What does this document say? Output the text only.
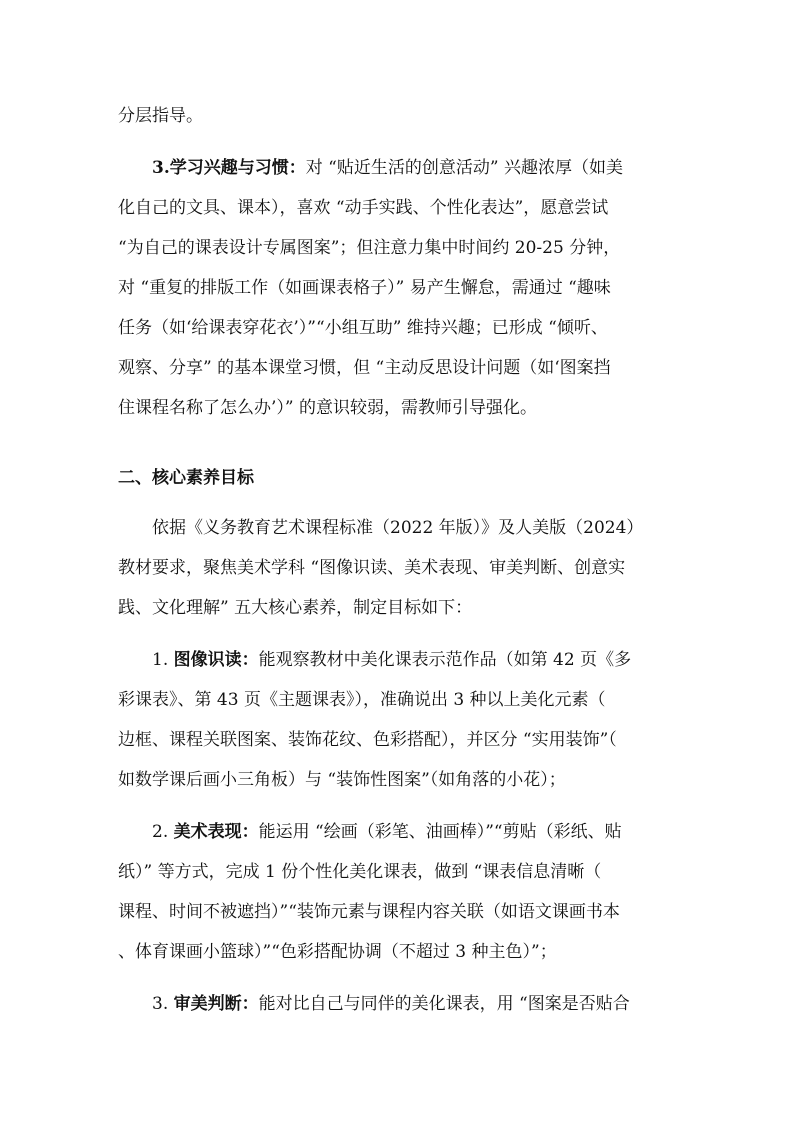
分层指导。
3.学习兴趣与习惯：对 “贴近生活的创意活动” 兴趣浓厚（如美
化自己的文具、课本），喜欢 “动手实践、个性化表达”，愿意尝试
“为自己的课表设计专属图案”；但注意力集中时间约 20-25 分钟，
对 “重复的排版工作（如画课表格子）” 易产生懈怠，需通过 “趣味
任务（如‘给课表穿花衣’）”“小组互助” 维持兴趣；已形成 “倾听、
观察、分享” 的基本课堂习惯，但 “主动反思设计问题（如‘图案挡
住课程名称了怎么办’）” 的意识较弱，需教师引导强化。
二、核心素养目标
依据《义务教育艺术课程标准（2022 年版）》及人美版（2024）
教材要求，聚焦美术学科 “图像识读、美术表现、审美判断、创意实
践、文化理解” 五大核心素养，制定目标如下：
1. 图像识读：能观察教材中美化课表示范作品（如第 42 页《多
彩课表》、第 43 页《主题课表》），准确说出 3 种以上美化元素（
边框、课程关联图案、装饰花纹、色彩搭配），并区分 “实用装饰”（
如数学课后画小三角板）与 “装饰性图案”（如角落的小花）；
2. 美术表现：能运用 “绘画（彩笔、油画棒）”“剪贴（彩纸、贴
纸）” 等方式，完成 1 份个性化美化课表，做到 “课表信息清晰（
课程、时间不被遮挡）”“装饰元素与课程内容关联（如语文课画书本
、体育课画小篮球）”“色彩搭配协调（不超过 3 种主色）”；
3. 审美判断：能对比自己与同伴的美化课表，用 “图案是否贴合
